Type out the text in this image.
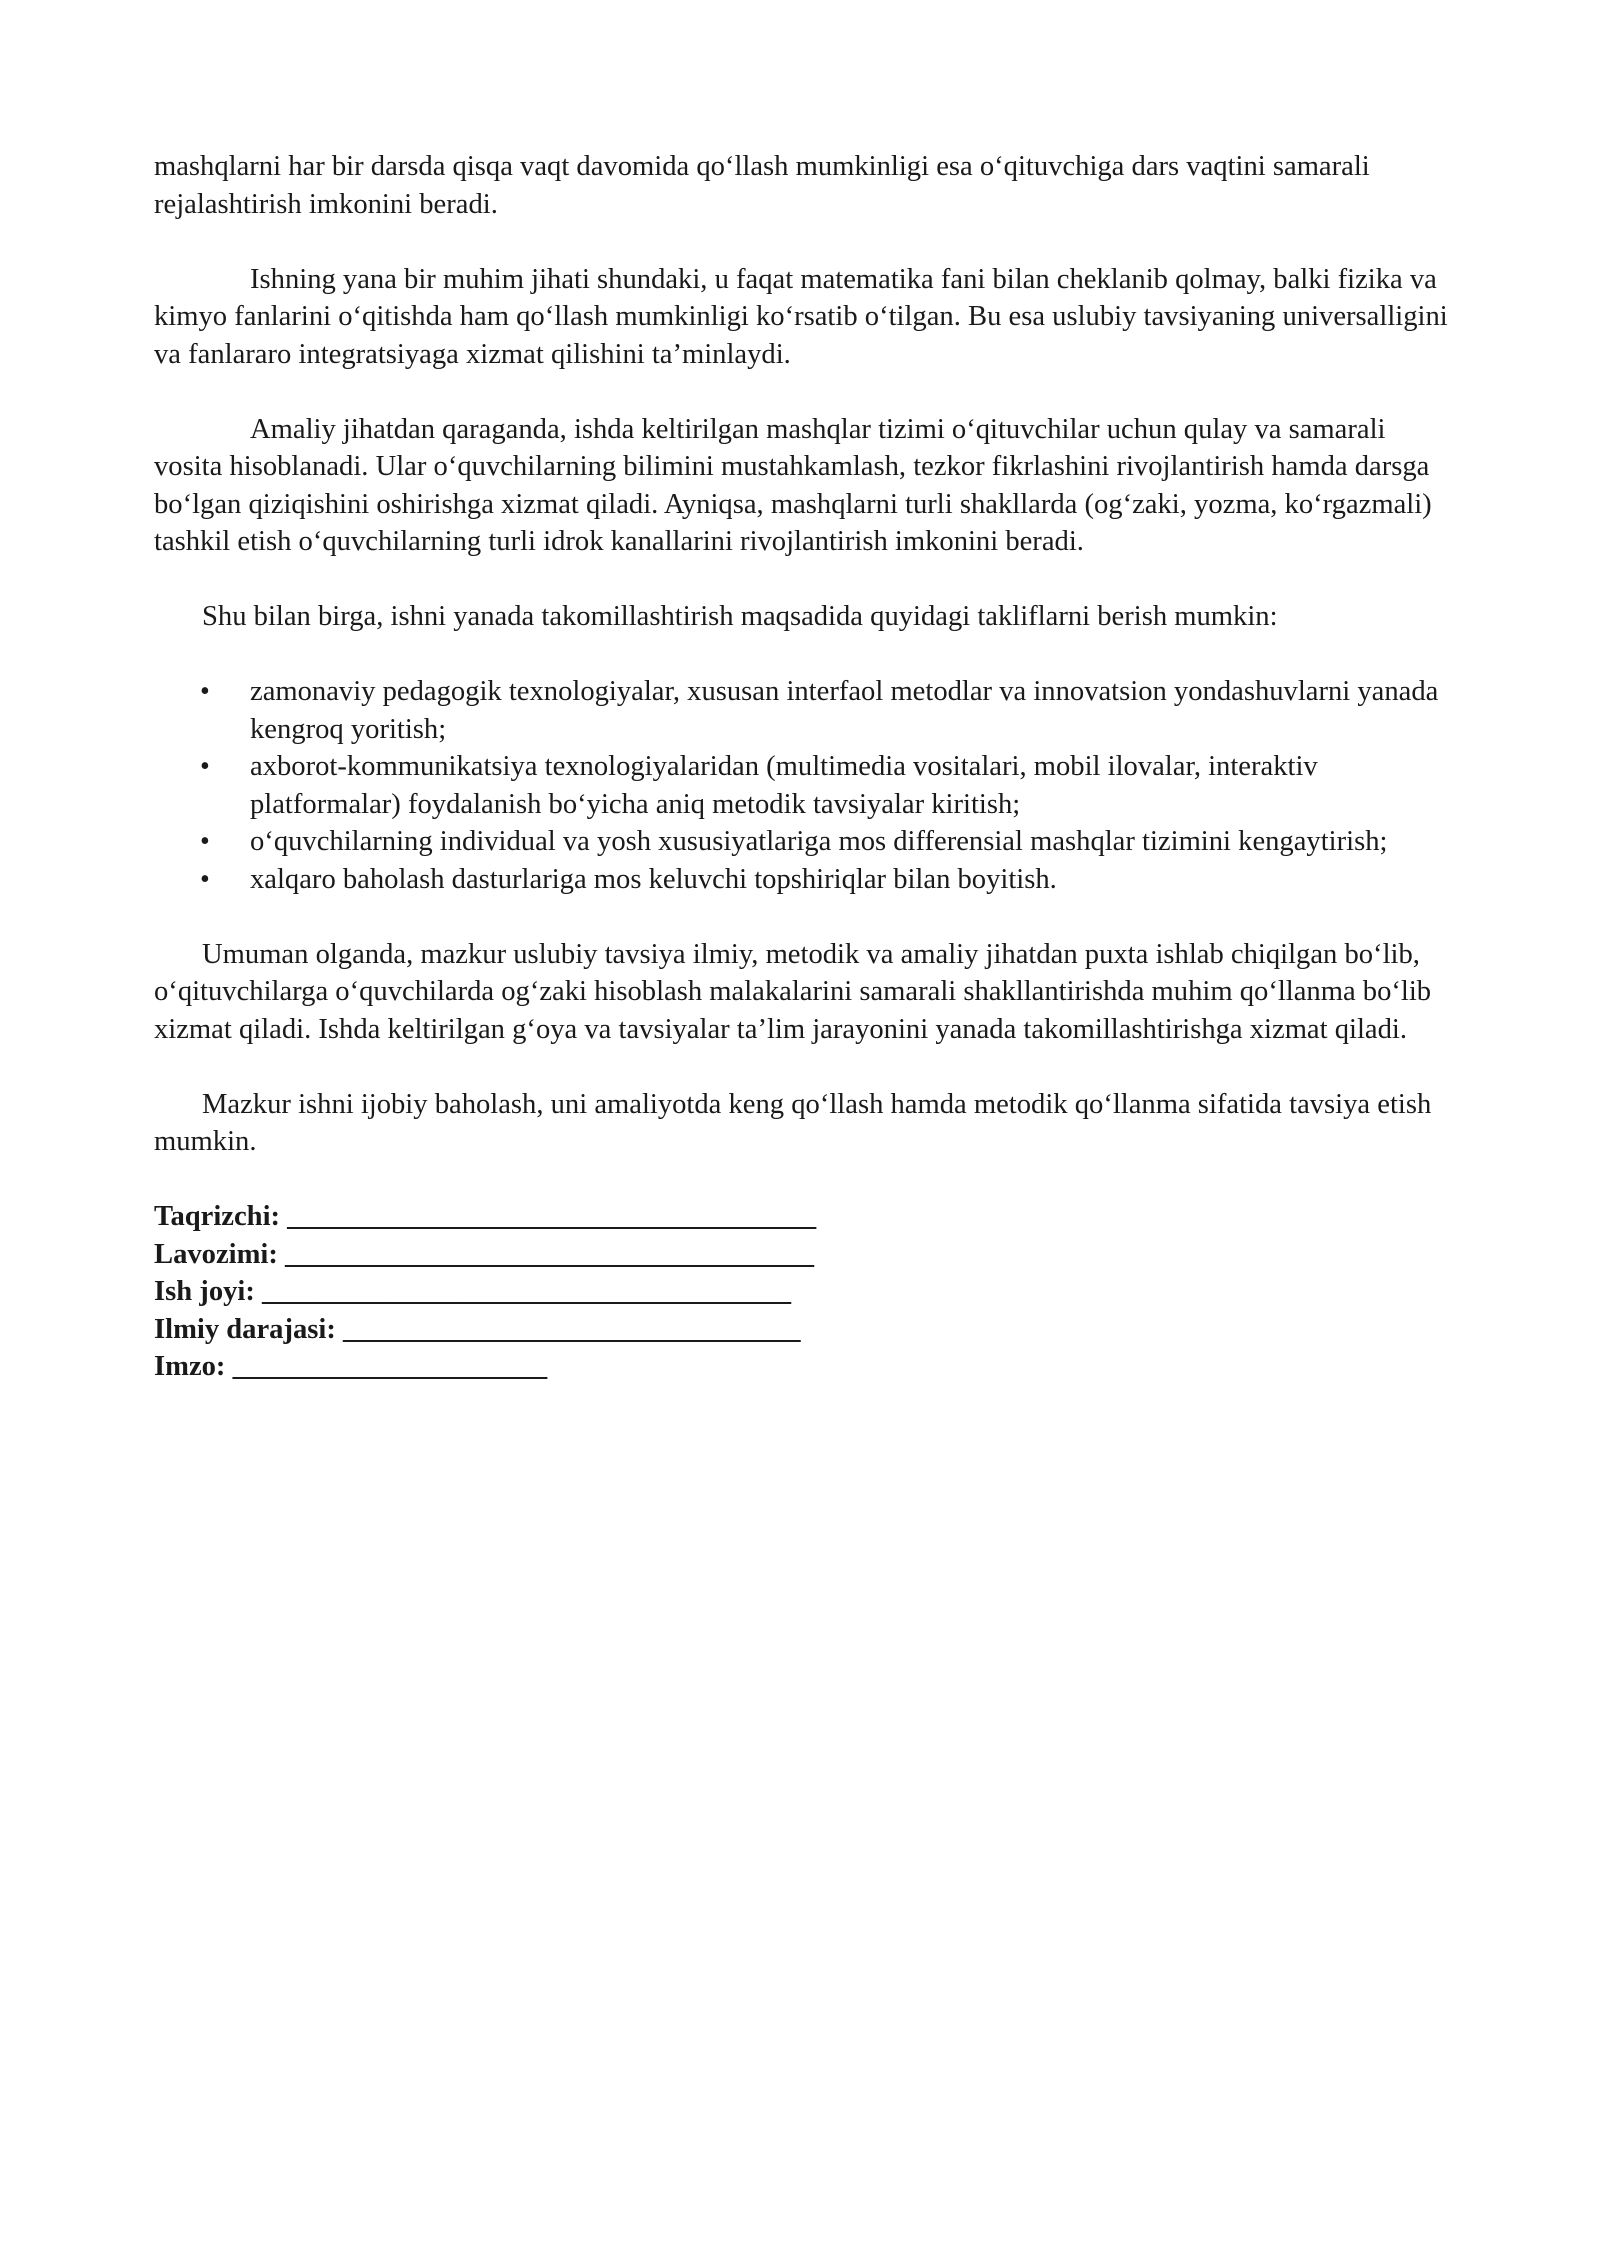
mashqlarni har bir darsda qisqa vaqt davomida qo‘llash mumkinligi esa o‘qituvchiga dars vaqtini samarali rejalashtirish imkonini beradi.

Ishning yana bir muhim jihati shundaki, u faqat matematika fani bilan cheklanib qolmay, balki fizika va kimyo fanlarini o‘qitishda ham qo‘llash mumkinligi ko‘rsatib o‘tilgan. Bu esa uslubiy tavsiyaning universalligini va fanlararo integratsiyaga xizmat qilishini ta’minlaydi.

Amaliy jihatdan qaraganda, ishda keltirilgan mashqlar tizimi o‘qituvchilar uchun qulay va samarali vosita hisoblanadi. Ular o‘quvchilarning bilimini mustahkamlash, tezkor fikrlashini rivojlantirish hamda darsga bo‘lgan qiziqishini oshirishga xizmat qiladi. Ayniqsa, mashqlarni turli shakllarda (og‘zaki, yozma, ko‘rgazmali) tashkil etish o‘quvchilarning turli idrok kanallarini rivojlantirish imkonini beradi.

Shu bilan birga, ishni yanada takomillashtirish maqsadida quyidagi takliflarni berish mumkin:

• zamonaviy pedagogik texnologiyalar, xususan interfaol metodlar va innovatsion yondashuvlarni yanada kengroq yoritish;
• axborot-kommunikatsiya texnologiyalaridan (multimedia vositalari, mobil ilovalar, interaktiv platformalar) foydalanish bo‘yicha aniq metodik tavsiyalar kiritish;
• o‘quvchilarning individual va yosh xususiyatlariga mos differensial mashqlar tizimini kengaytirish;
• xalqaro baholash dasturlariga mos keluvchi topshiriqlar bilan boyitish.

Umuman olganda, mazkur uslubiy tavsiya ilmiy, metodik va amaliy jihatdan puxta ishlab chiqilgan bo‘lib, o‘qituvchilarga o‘quvchilarda og‘zaki hisoblash malakalarini samarali shakllantirishda muhim qo‘llanma bo‘lib xizmat qiladi. Ishda keltirilgan g‘oya va tavsiyalar ta’lim jarayonini yanada takomillashtirishga xizmat qiladi.

Mazkur ishni ijobiy baholash, uni amaliyotda keng qo‘llash hamda metodik qo‘llanma sifatida tavsiya etish mumkin.

Taqrizchi: _____________________________________

Lavozimi: _____________________________________

Ish joyi: _____________________________________

Ilmiy darajasi: ________________________________

Imzo: ______________________
